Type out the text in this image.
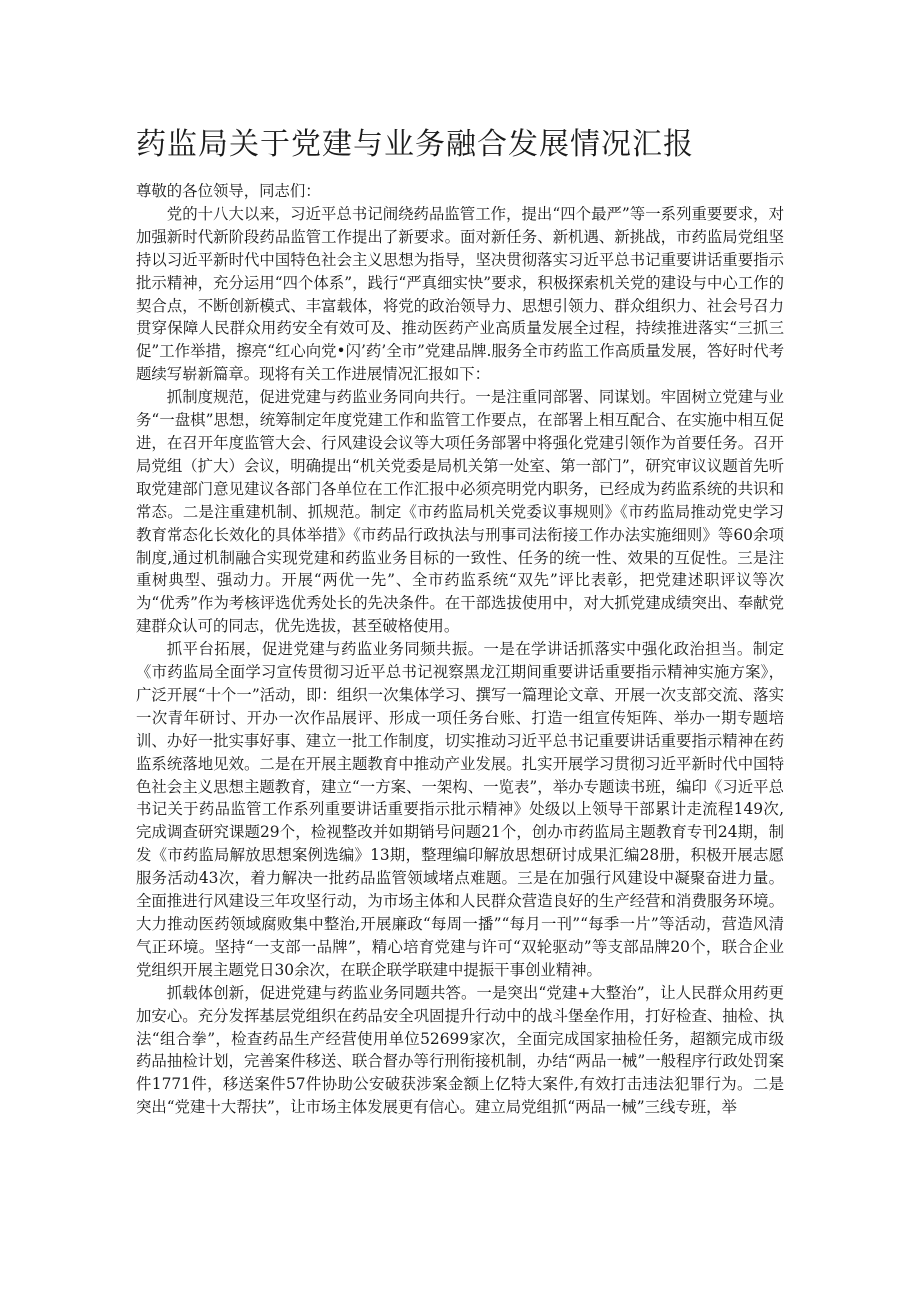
药监局关于党建与业务融合发展情况汇报

尊敬的各位领导，同志们：

党的十八大以来，习近平总书记闹绕药品监管工作，提出“四个最严”等一系列重要要求，对加强新时代新阶段药品监管工作提出了新要求。面对新任务、新机遇、新挑战，市药监局党组坚持以习近平新时代中国特色社会主义思想为指导，坚决贯彻落实习近平总书记重要讲话重要指示批示精神，充分运用“四个体系”，践行“严真细实快”要求，积极探索机关党的建设与中心工作的契合点，不断创新模式、丰富载体，将党的政治领导力、思想引领力、群众组织力、社会号召力贯穿保障人民群众用药安全有效可及、推动医药产业高质量发展全过程，持续推进落实“三抓三促”工作举措，擦亮“红心向党•闪’药’全市”党建品牌.服务全市药监工作高质量发展，答好时代考题续写崭新篇章。现将有关工作进展情况汇报如下：

抓制度规范，促进党建与药监业务同向共行。一是注重同部署、同谋划。牢固树立党建与业务“一盘棋”思想，统筹制定年度党建工作和监管工作要点，在部署上相互配合、在实施中相互促进，在召开年度监管大会、行风建设会议等大项任务部署中将强化党建引领作为首要任务。召开局党组（扩大）会议，明确提出“机关党委是局机关第一处室、第一部门”，研究审议议题首先听取党建部门意见建议各部门各单位在工作汇报中必须亮明党内职务，已经成为药监系统的共识和常态。二是注重建机制、抓规范。制定《市药监局机关党委议事规则》《市药监局推动党史学习教育常态化长效化的具体举措》《市药品行政执法与刑事司法衔接工作办法实施细则》等60余项制度,通过机制融合实现党建和药监业务目标的一致性、任务的统一性、效果的互促性。三是注重树典型、强动力。开展“两优一先”、全市药监系统“双先”评比表彰，把党建述职评议等次为“优秀”作为考核评选优秀处长的先决条件。在干部选拔使用中，对大抓党建成绩突出、奉献党建群众认可的同志，优先选拔，甚至破格使用。

抓平台拓展，促进党建与药监业务同频共振。一是在学讲话抓落实中强化政治担当。制定《市药监局全面学习宣传贯彻习近平总书记视察黑龙江期间重要讲话重要指示精神实施方案》，广泛开展“十个一”活动，即：组织一次集体学习、撰写一篇理论文章、开展一次支部交流、落实一次青年研讨、开办一次作品展评、形成一项任务台账、打造一组宣传矩阵、举办一期专题培训、办好一批实事好事、建立一批工作制度，切实推动习近平总书记重要讲话重要指示精神在药监系统落地见效。二是在开展主题教育中推动产业发展。扎实开展学习贯彻习近平新时代中国特色社会主义思想主题教育，建立“一方案、一架构、一览表”，举办专题读书班，编印《习近平总书记关于药品监管工作系列重要讲话重要指示批示精神》处级以上领导干部累计走流程149次,完成调查研究课题29个，检视整改并如期销号问题21个，创办市药监局主题教育专刊24期，制发《市药监局解放思想案例选编》13期，整理编印解放思想研讨成果汇编28册，积极开展志愿服务活动43次，着力解决一批药品监管领域堵点难题。三是在加强行风建设中凝聚奋进力量。全面推进行风建设三年攻坚行动，为市场主体和人民群众营造良好的生产经营和消费服务环境。大力推动医药领域腐败集中整治,开展廉政“每周一播”“每月一刊”“每季一片”等活动，营造风清气正环境。坚持“一支部一品牌”，精心培育党建与许可“双轮驱动”等支部品牌20个，联合企业党组织开展主题党日30余次，在联企联学联建中提振干事创业精神。

抓载体创新，促进党建与药监业务同题共答。一是突出“党建+大整治”，让人民群众用药更加安心。充分发挥基层党组织在药品安全巩固提升行动中的战斗堡垒作用，打好检查、抽检、执法“组合拳”，检查药品生产经营使用单位52699家次，全面完成国家抽检任务，超额完成市级药品抽检计划，完善案件移送、联合督办等行刑衔接机制，办结“两品一械”一般程序行政处罚案件1771件，移送案件57件协助公安破获涉案金额上亿特大案件,有效打击违法犯罪行为。二是突出“党建十大帮扶”，让市场主体发展更有信心。建立局党组抓“两品一械”三线专班，举
